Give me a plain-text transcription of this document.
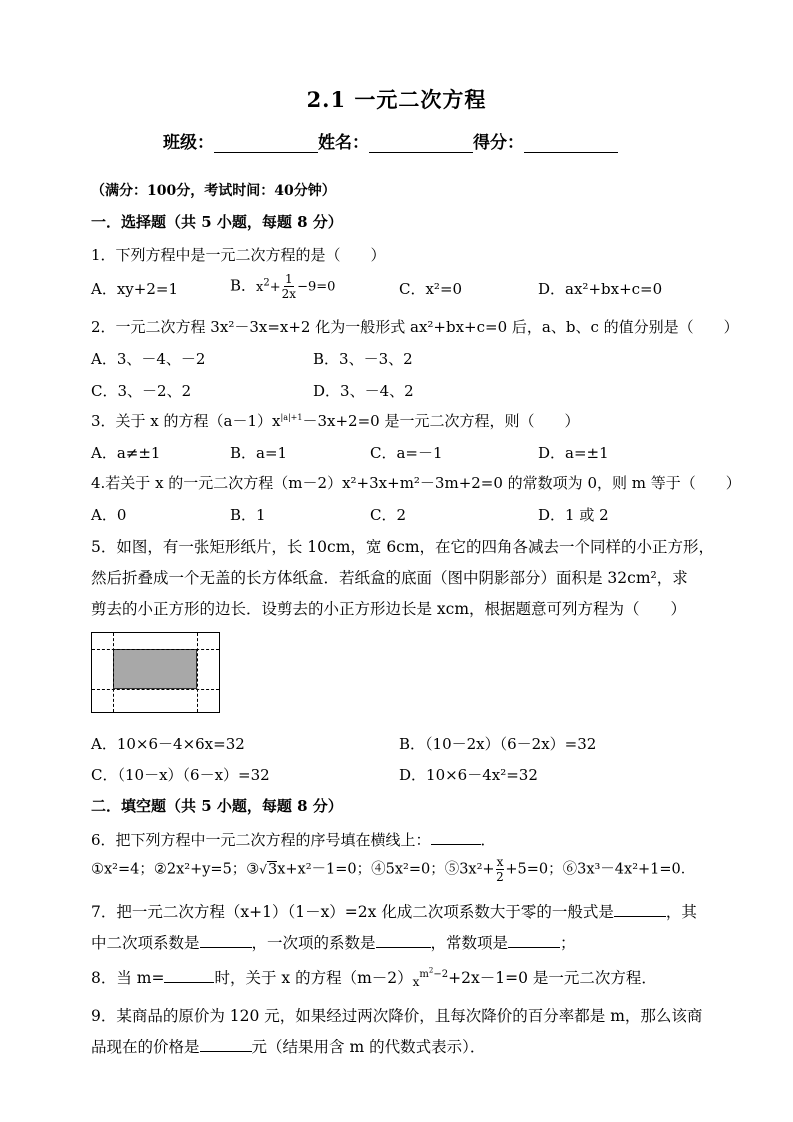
2.1 一元二次方程
班级：	姓名：	得分：
（满分：100分，考试时间：40分钟）
一．选择题（共 5 小题，每题 8 分）
1．下列方程中是一元二次方程的是（　　）
A．xy+2=1	B．$x^2+ \frac{1}{2x} -9=0$	C．x²=0	D．ax²+bx+c=0
2．一元二次方程 3x²－3x=x+2 化为一般形式 ax²+bx+c=0 后，a、b、c 的值分别是（　　）
A．3、－4、－2	B．3、－3、2
C．3、－2、2	D．3、－4、2
3．关于 x 的方程$(a-1)x^{|a|+1}-3x+2=0$ 是一元二次方程，则（　　）
A．a≠±1	B．a=1	C．a=－1	D．a=±1
4.若关于 x 的一元二次方程（m－2）x²+3x+m²－3m+2=0 的常数项为 0，则 m 等于（　　）
A．0	B．1	C．2	D．1 或 2
5．如图，有一张矩形纸片，长 10cm，宽 6cm，在它的四角各减去一个同样的小正方形，
然后折叠成一个无盖的长方体纸盒．若纸盒的底面（图中阴影部分）面积是 32cm²，求
剪去的小正方形的边长．设剪去的小正方形边长是 xcm，根据题意可列方程为（　　）
A．10×6－4×6x=32	B．（10－2x）（6－2x）=32
C．（10－x）（6－x）=32	D．10×6－4x²=32
二．填空题（共 5 小题，每题 8 分）
6．把下列方程中一元二次方程的序号填在横线上：	．
①x²=4；②2x²+y=5；③√3x+x²－1=0；④5x²=0；⑤3x²+ $\frac{x}{2} +5=0$；⑥3x³－4x²+1=0．
7．把一元二次方程（x+1）（1－x）=2x 化成二次项系数大于零的一般式是	，其
中二次项系数是	，一次项的系数是	，常数项是	；
8．当 m=	时，关于 x 的方程$(m-2)x^{m^2-2}+2x-1=0$ 是一元二次方程．
9．某商品的原价为 120 元，如果经过两次降价，且每次降价的百分率都是 m，那么该商
品现在的价格是	元（结果用含 m 的代数式表示）．
